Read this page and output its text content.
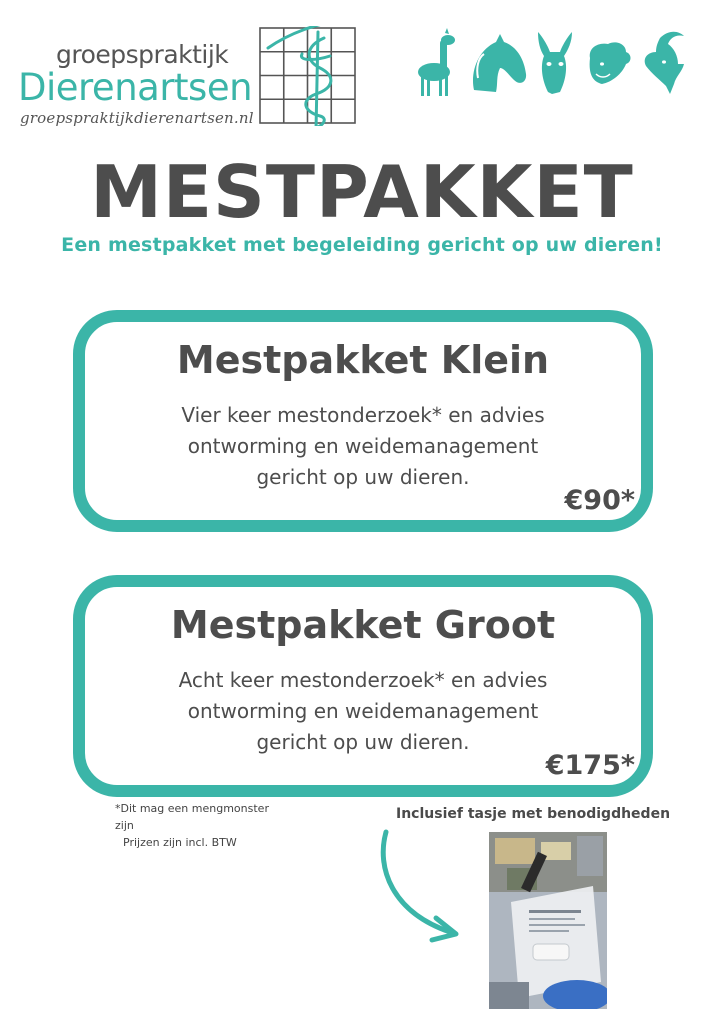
groepspraktijk
Dierenartsen
groepspraktijkdierenartsen.nl
MESTPAKKET
Een mestpakket met begeleiding gericht op uw dieren!
Mestpakket Klein
Vier keer mestonderzoek* en advies
ontworming en weidemanagement
gericht op uw dieren.
€90*
Mestpakket Groot
Acht keer mestonderzoek* en advies
ontworming en weidemanagement
gericht op uw dieren.
€175*
*Dit mag een mengmonster
zijn
Prijzen zijn incl. BTW
Inclusief tasje met benodigdheden
